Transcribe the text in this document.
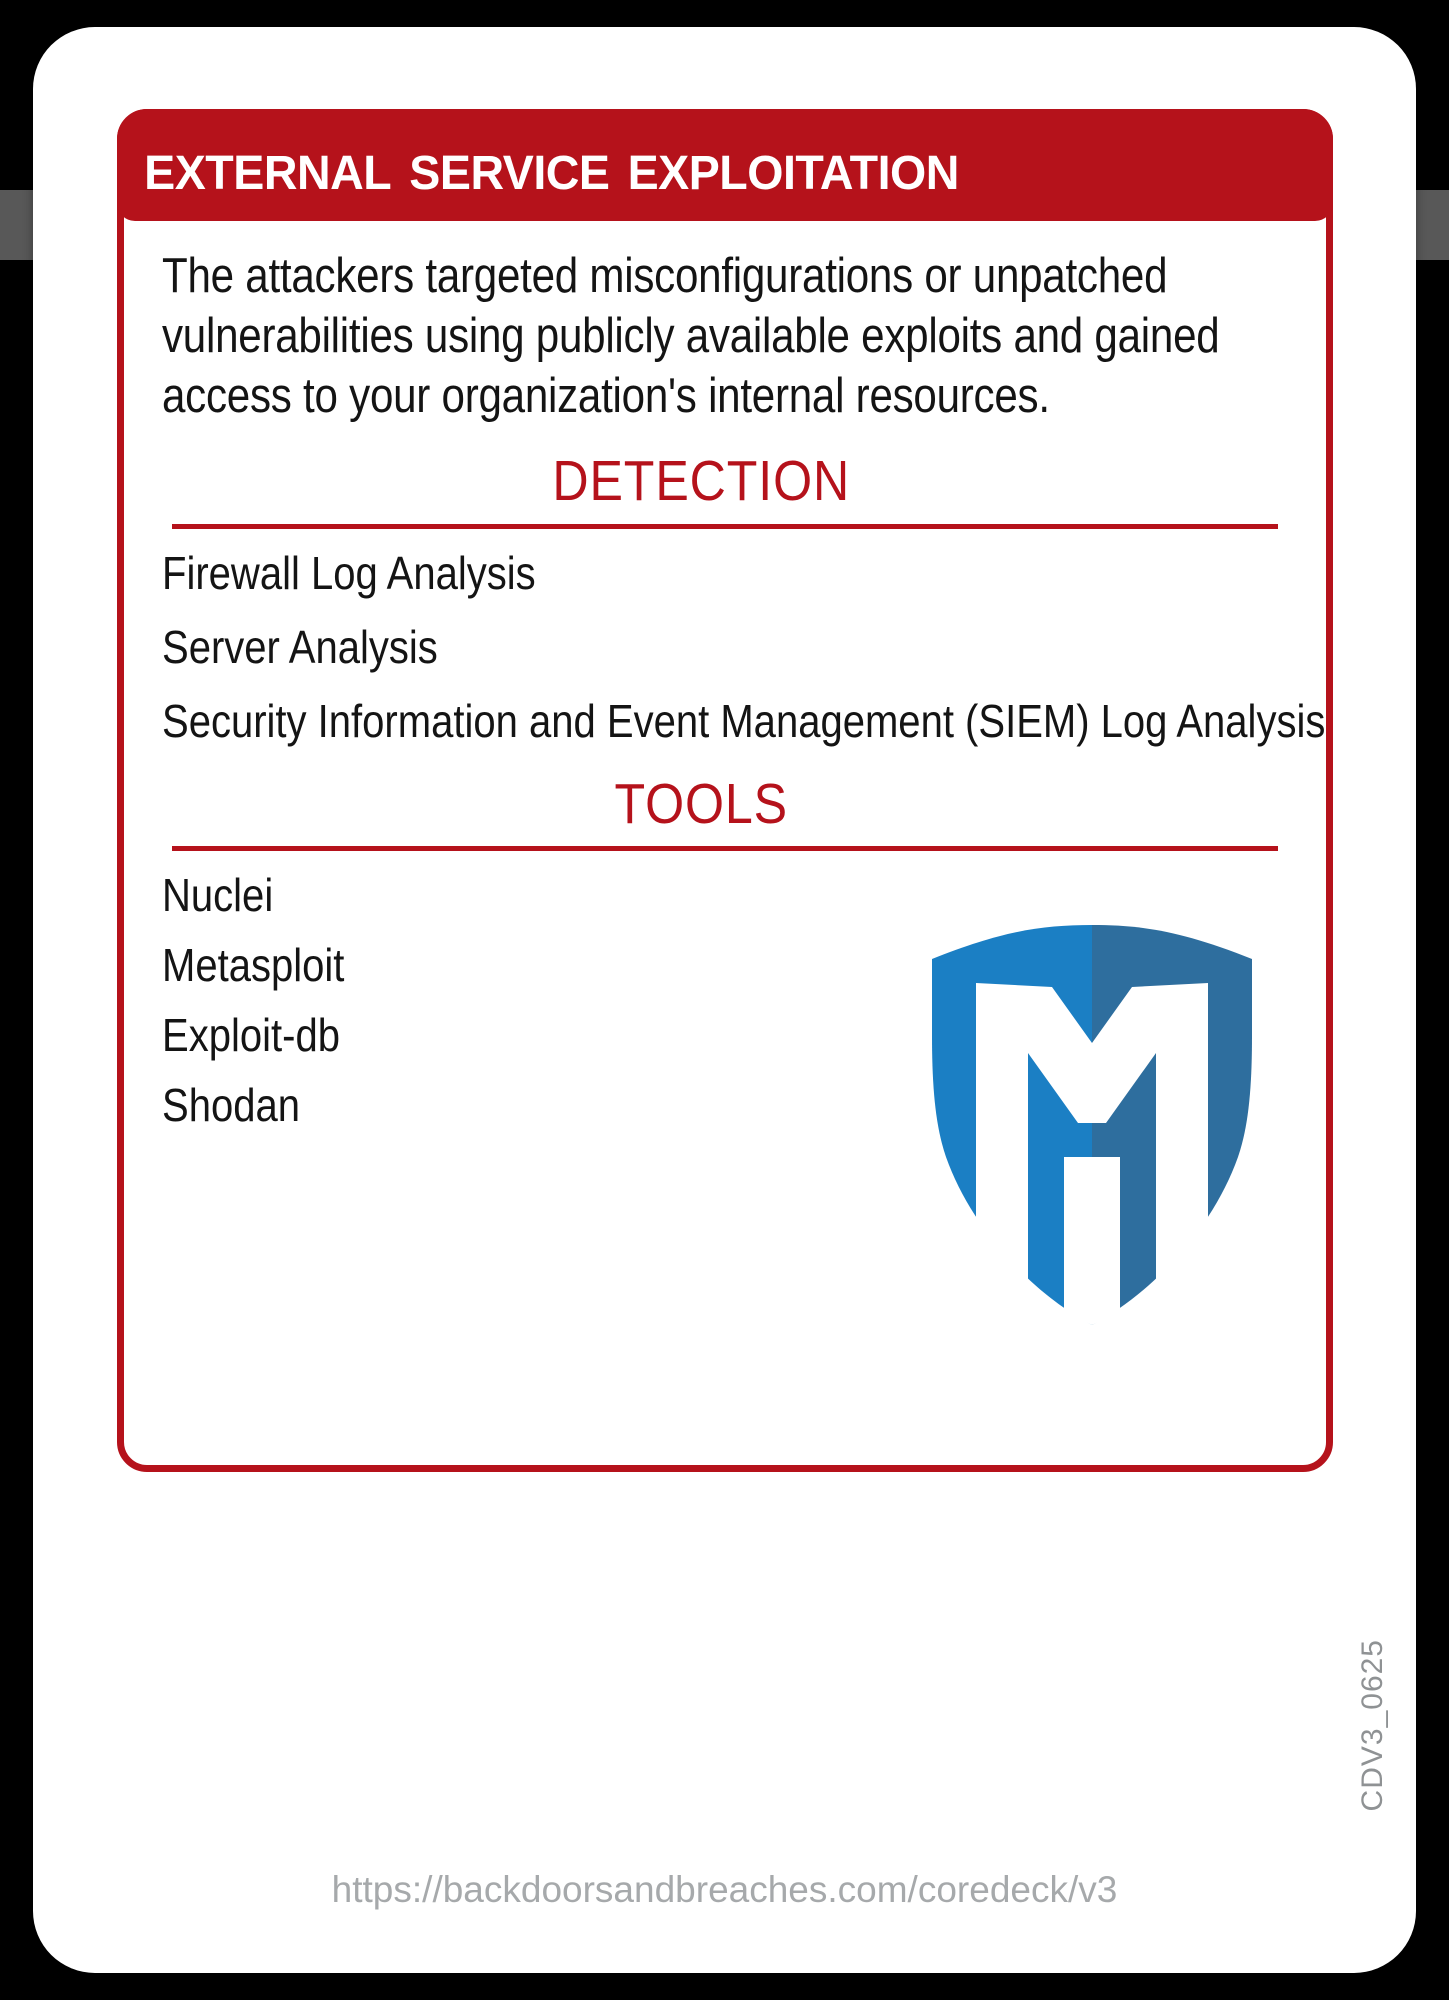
external service exploitation
The attackers targeted misconfigurations or unpatched vulnerabilities using publicly available exploits and gained access to your organization's internal resources.
DETECTION
Firewall Log Analysis
Server Analysis
Security Information and Event Management (SIEM) Log Analysis
TOOLS
Nuclei
Metasploit
Exploit-db
Shodan
CDV3_0625
https://backdoorsandbreaches.com/coredeck/v3
